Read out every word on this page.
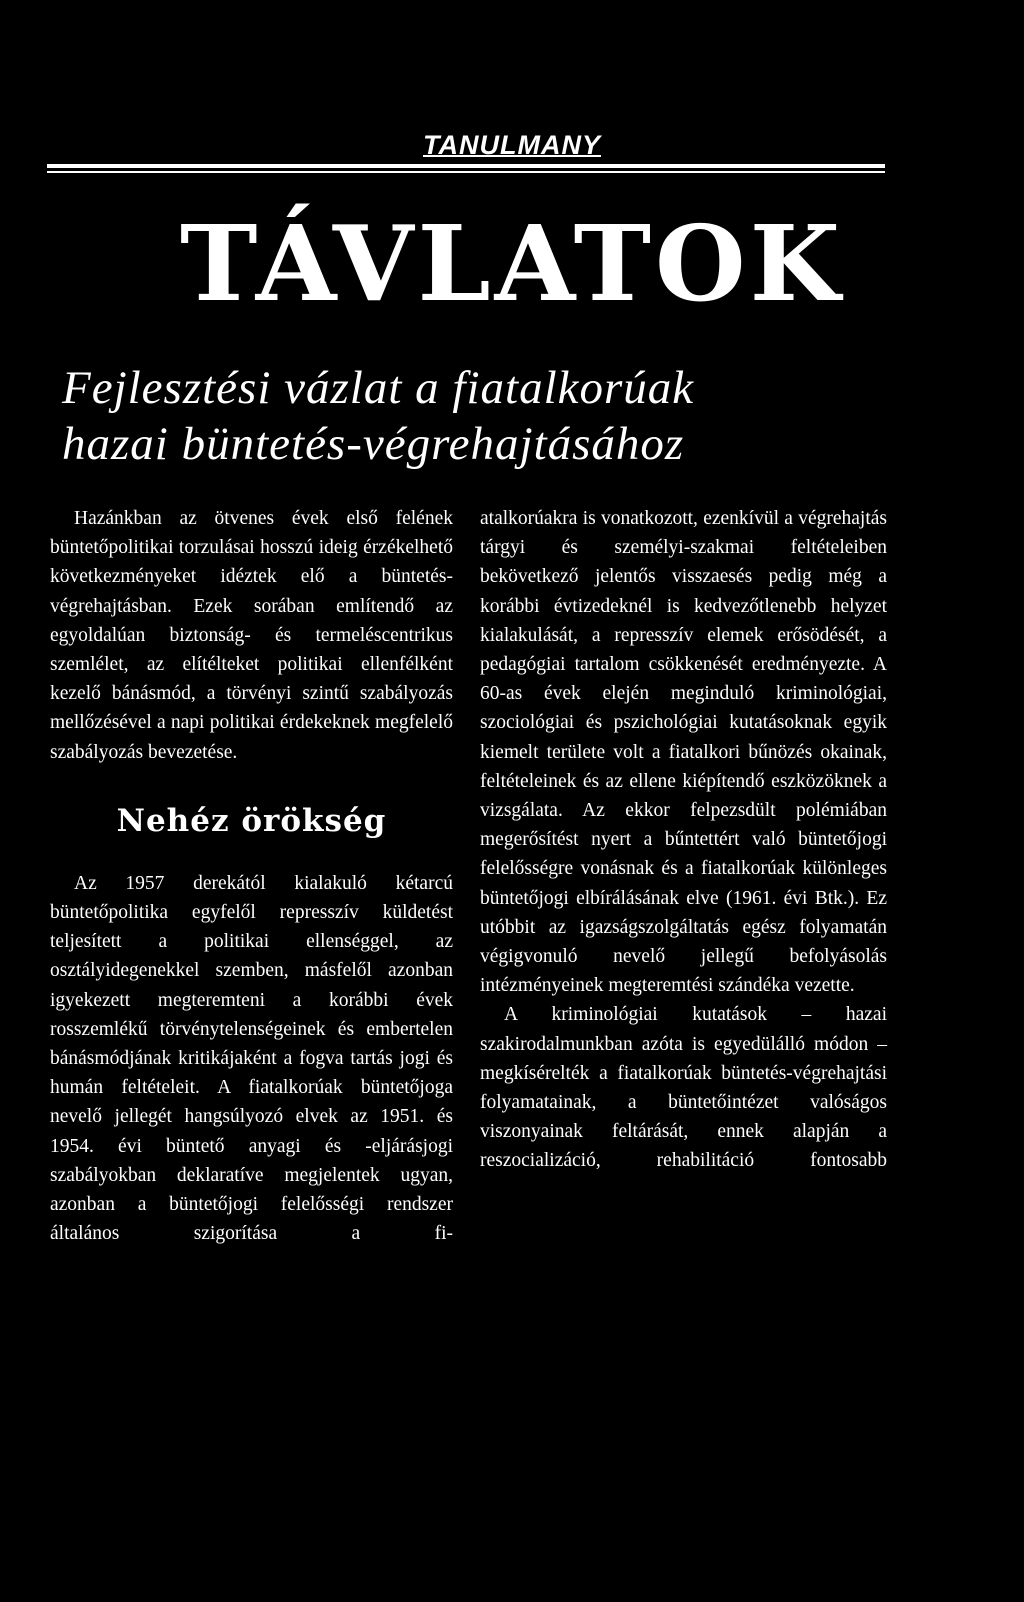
TANULMANY
TÁVLATOK
Fejlesztési vázlat a fiatalkorúak
hazai büntetés-végrehajtásához

Hazánkban az ötvenes évek első felének büntetőpolitikai torzulásai hosszú ideig érzékelhető következményeket idéztek elő a büntetés-végrehajtásban. Ezek sorában említendő az egyoldalúan biztonság- és termeléscentrikus szemlélet, az elítélteket politikai ellenfélként kezelő bánásmód, a törvényi szintű szabályozás mellőzésével a napi politikai érdekeknek megfelelő szabályozás bevezetése.

Nehéz örökség

Az 1957 derekától kialakuló kétarcú büntetőpolitika egyfelől represszív küldetést teljesített a politikai ellenséggel, az osztályidegenekkel szemben, másfelől azonban igyekezett megteremteni a korábbi évek rosszemlékű törvénytelenségeinek és embertelen bánásmódjának kritikájaként a fogva tartás jogi és humán feltételeit. A fiatalkorúak büntetőjoga nevelő jellegét hangsúlyozó elvek az 1951. és 1954. évi büntető anyagi és -eljárásjogi szabályokban deklaratíve megjelentek ugyan, azonban a büntetőjogi felelősségi rendszer általános szigorítása a fi-

atalkorúakra is vonatkozott, ezenkívül a végrehajtás tárgyi és személyi-szakmai feltételeiben bekövetkező jelentős visszaesés pedig még a korábbi évtizedeknél is kedvezőtlenebb helyzet kialakulását, a represszív elemek erősödését, a pedagógiai tartalom csökkenését eredményezte. A 60-as évek elején meginduló kriminológiai, szociológiai és pszichológiai kutatásoknak egyik kiemelt területe volt a fiatalkori bűnözés okainak, feltételeinek és az ellene kiépítendő eszközöknek a vizsgálata. Az ekkor felpezsdült polémiában megerősítést nyert a bűntettért való büntetőjogi felelősségre vonásnak és a fiatalkorúak különleges büntetőjogi elbírálásának elve (1961. évi Btk.). Ez utóbbit az igazságszolgáltatás egész folyamatán végigvonuló nevelő jellegű befolyásolás intézményeinek megteremtési szándéka vezette.

A kriminológiai kutatások – hazai szakirodalmunkban azóta is egyedülálló módon – megkísérelték a fiatalkorúak büntetés-végrehajtási folyamatainak, a büntetőintézet valóságos viszonyainak feltárását, ennek alapján a reszocializáció, rehabilitáció fontosabb
